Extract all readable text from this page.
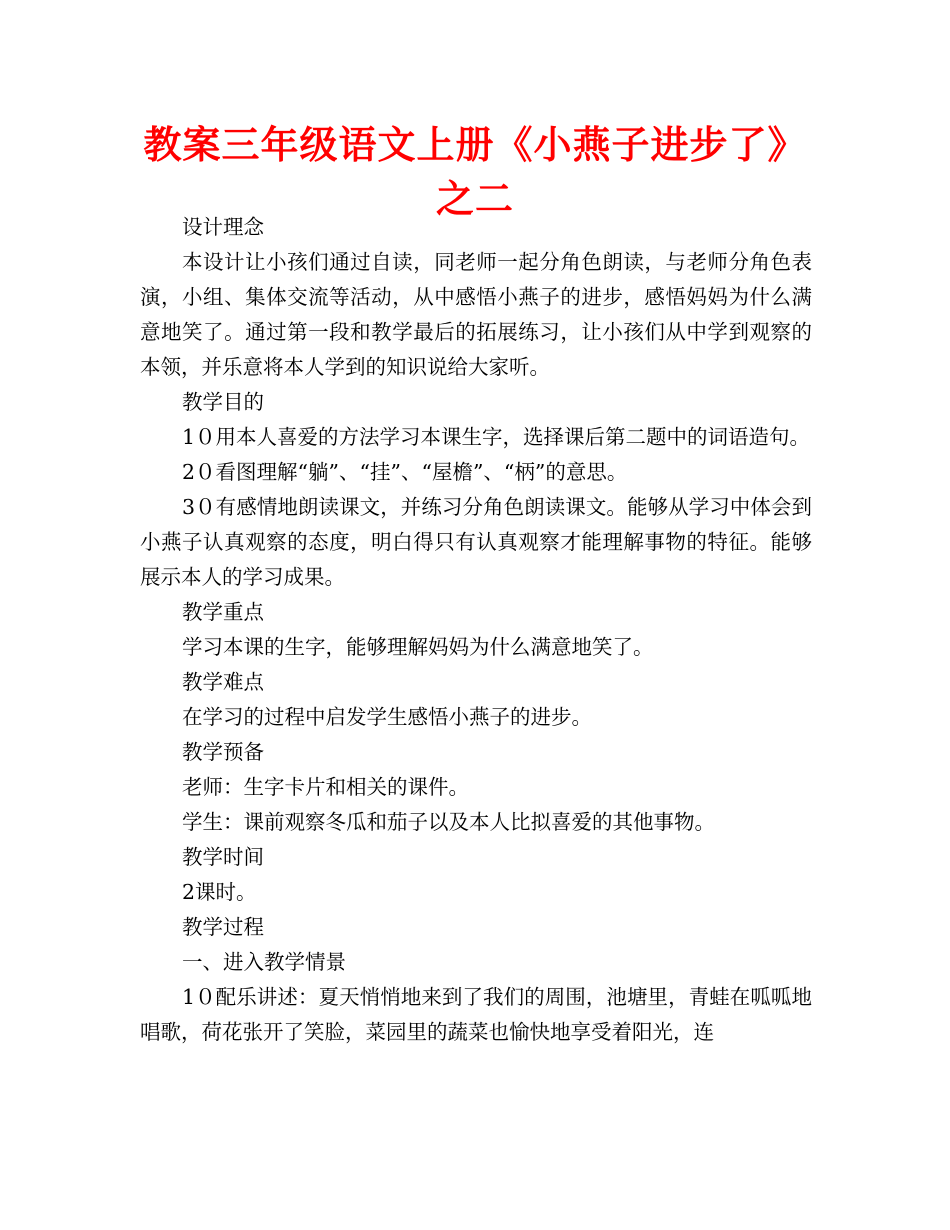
教案三年级语文上册《小燕子进步了》之二

设计理念

本设计让小孩们通过自读，同老师一起分角色朗读，与老师分角色表演，小组、集体交流等活动，从中感悟小燕子的进步，感悟妈妈为什么满意地笑了。通过第一段和教学最后的拓展练习，让小孩们从中学到观察的本领，并乐意将本人学到的知识说给大家听。

教学目的

1０用本人喜爱的方法学习本课生字，选择课后第二题中的词语造句。

2０看图理解“躺”、“挂”、“屋檐”、“柄”的意思。

3０有感情地朗读课文，并练习分角色朗读课文。能够从学习中体会到小燕子认真观察的态度，明白得只有认真观察才能理解事物的特征。能够展示本人的学习成果。

教学重点

学习本课的生字，能够理解妈妈为什么满意地笑了。

教学难点

在学习的过程中启发学生感悟小燕子的进步。

教学预备

老师：生字卡片和相关的课件。

学生：课前观察冬瓜和茄子以及本人比拟喜爱的其他事物。

教学时间

2课时。

教学过程

一、进入教学情景

1０配乐讲述：夏天悄悄地来到了我们的周围，池塘里，青蛙在呱呱地唱歌，荷花张开了笑脸，菜园里的蔬菜也愉快地享受着阳光，连
